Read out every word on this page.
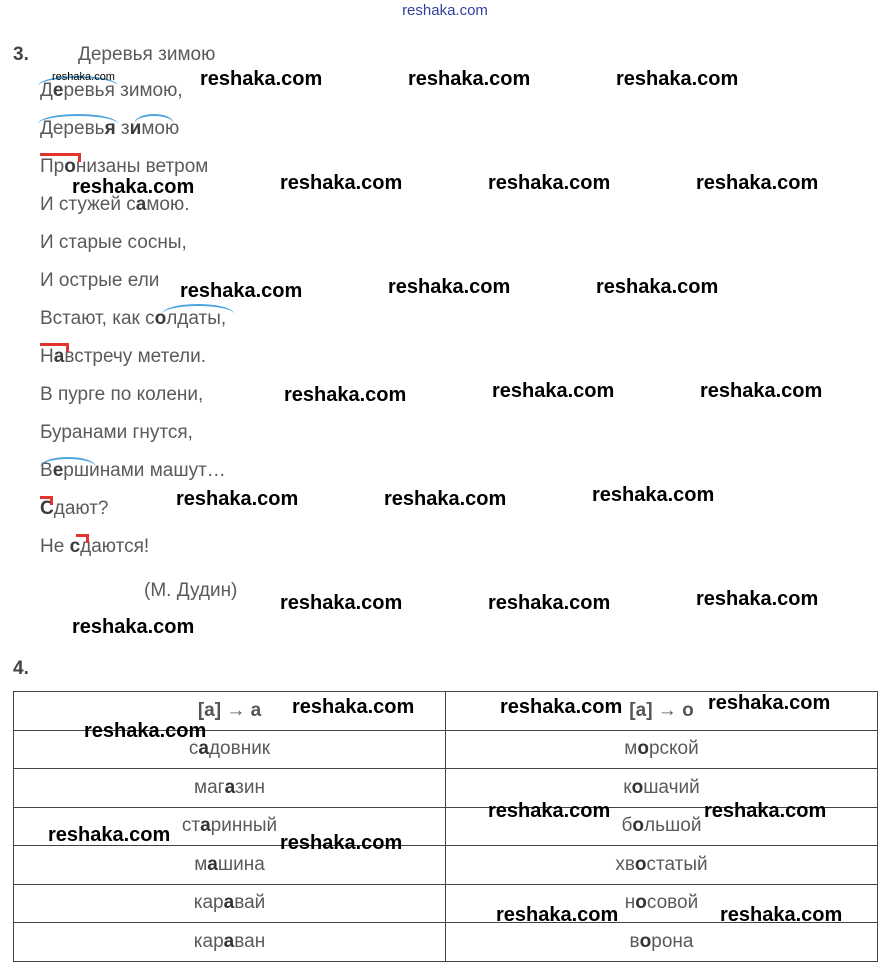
reshaka.com
3.	Деревья зимою
Деревья зимою,
Деревья зимою
Пронизаны ветром
И стужей самою.
И старые сосны,
И острые ели
Встают, как солдаты,
Навстречу метели.
В пурге по колени,
Буранами гнутся,
Вершинами машут…
Сдают?
Не сдаются!
(М. Дудин)
4.
[а] → а	[а] → о
садовник	морской
магазин	кошачий
старинный	большой
машина	хвостатый
каравай	носовой
караван	ворона
reshaka.com	reshaka.com	reshaka.com	reshaka.com
reshaka.com	reshaka.com	reshaka.com	reshaka.com
reshaka.com	reshaka.com	reshaka.com
reshaka.com	reshaka.com	reshaka.com
reshaka.com	reshaka.com	reshaka.com
reshaka.com	reshaka.com	reshaka.com
reshaka.com
reshaka.com	reshaka.com	reshaka.com
reshaka.com
reshaka.com	reshaka.com
reshaka.com	reshaka.com
reshaka.com	reshaka.com
